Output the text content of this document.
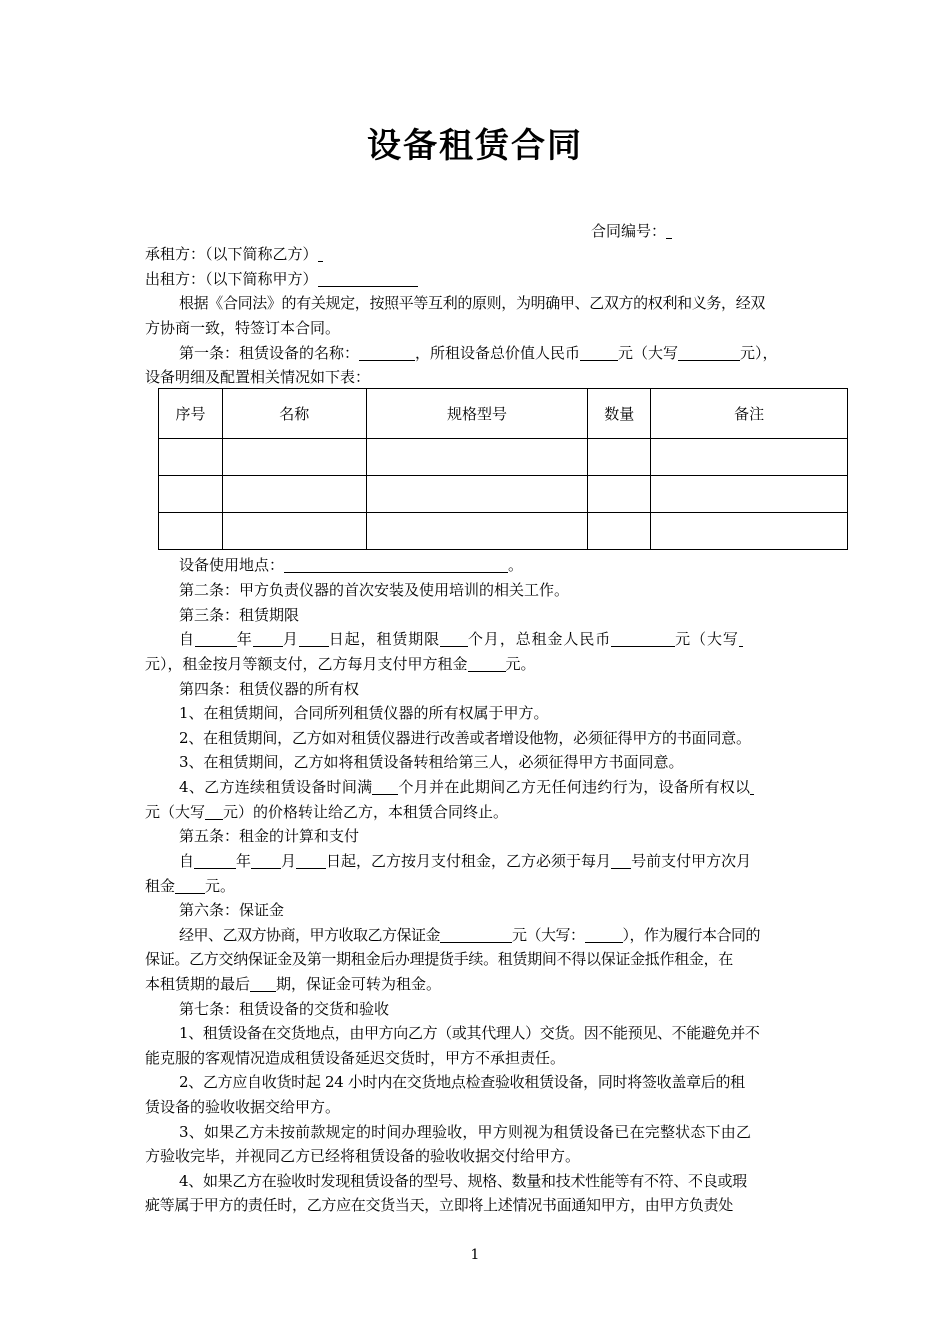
设备租赁合同
合同编号：
承租方：（以下简称乙方）
出租方：（以下简称甲方）
根据《合同法》的有关规定，按照平等互利的原则，为明确甲、乙双方的权利和义务，经双
方协商一致，特签订本合同。
第一条：租赁设备的名称：	，所租设备总价值人民币	元（大写	元），
设备明细及配置相关情况如下表：
序号	名称	规格型号	数量	备注

设备使用地点：	。
第二条：甲方负责仪器的首次安装及使用培训的相关工作。
第三条：租赁期限
自	年 月 日起，租赁期限 个月，总租金人民币	元（大写
元），租金按月等额支付，乙方每月支付甲方租金	元。
第四条：租赁仪器的所有权
1、在租赁期间，合同所列租赁仪器的所有权属于甲方。
2、在租赁期间，乙方如对租赁仪器进行改善或者增设他物，必须征得甲方的书面同意。
3、在租赁期间，乙方如将租赁设备转租给第三人，必须征得甲方书面同意。
4、乙方连续租赁设备时间满 个月并在此期间乙方无任何违约行为，设备所有权以
元（大写 元）的价格转让给乙方，本租赁合同终止。
第五条：租金的计算和支付
自	年 月 日起，乙方按月支付租金，乙方必须于每月 号前支付甲方次月
租金 元。
第六条：保证金
经甲、乙双方协商，甲方收取乙方保证金	元（大写：	），作为履行本合同的
保证。乙方交纳保证金及第一期租金后办理提货手续。租赁期间不得以保证金抵作租金，在
本租赁期的最后 期，保证金可转为租金。
第七条：租赁设备的交货和验收
1、租赁设备在交货地点，由甲方向乙方（或其代理人）交货。因不能预见、不能避免并不
能克服的客观情况造成租赁设备延迟交货时，甲方不承担责任。
2、乙方应自收货时起 24 小时内在交货地点检查验收租赁设备，同时将签收盖章后的租
赁设备的验收收据交给甲方。
3、如果乙方未按前款规定的时间办理验收，甲方则视为租赁设备已在完整状态下由乙
方验收完毕，并视同乙方已经将租赁设备的验收收据交付给甲方。
4、如果乙方在验收时发现租赁设备的型号、规格、数量和技术性能等有不符、不良或瑕
疵等属于甲方的责任时，乙方应在交货当天，立即将上述情况书面通知甲方，由甲方负责处
1
